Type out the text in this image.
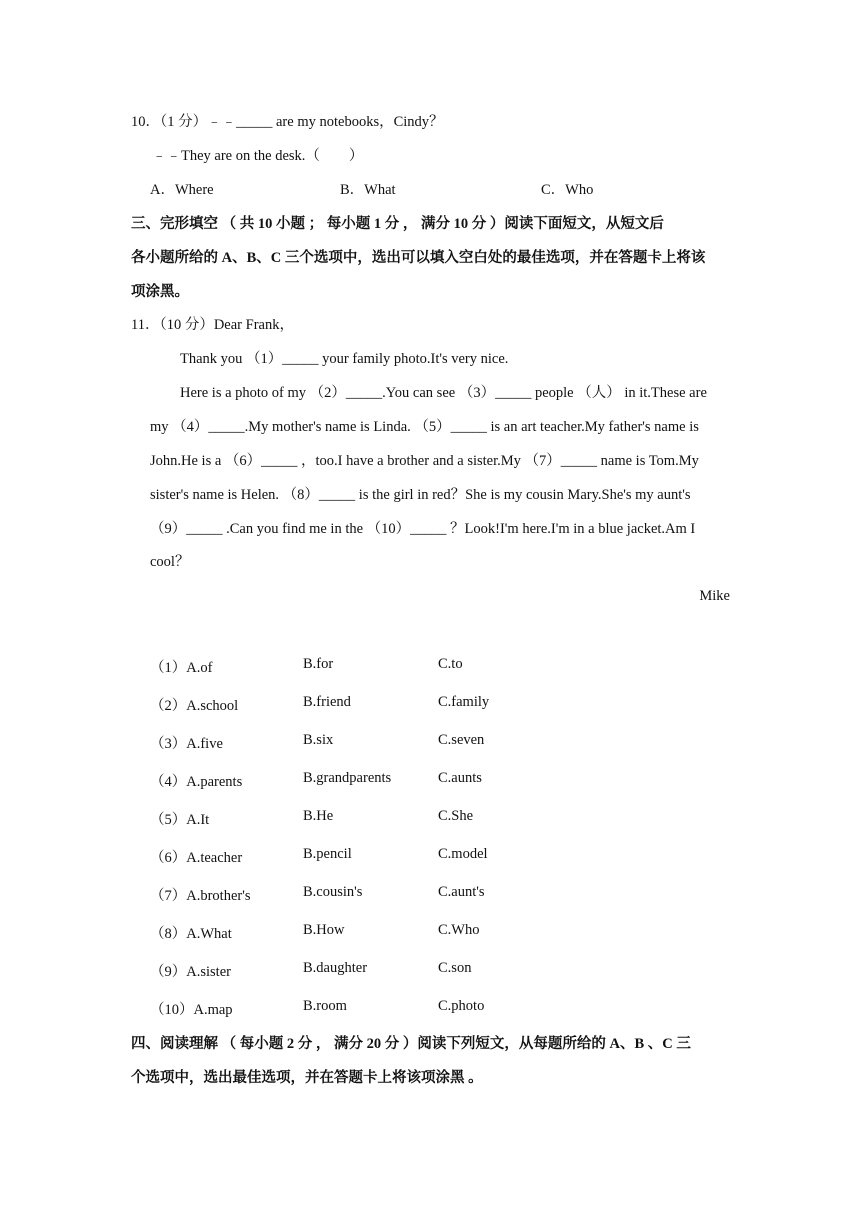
10．（1 分）﹣﹣_____ are my notebooks，Cindy？
﹣﹣They are on the desk.（　　）
A．Where	B．What	C．Who
三、完形填空 （ 共 10 小题 ； 每小题 1 分 ， 满分 10 分 ）阅读下面短文，从短文后
各小题所给的 A、B、C 三个选项中，选出可以填入空白处的最佳选项，并在答题卡上将该
项涂黑。
11．（10 分）Dear Frank，
Thank you （1）_____ your family photo.It's very nice.
Here is a photo of my （2）_____.You can see （3）_____ people （人） in it.These are
my （4）_____.My mother's name is Linda. （5）_____ is an art teacher.My father's name is
John.He is a （6）_____ ，too.I have a brother and a sister.My （7）_____ name is Tom.My
sister's name is Helen. （8）_____ is the girl in red？She is my cousin Mary.She's my aunt's
（9）_____ .Can you find me in the （10）_____ ？Look!I'm here.I'm in a blue jacket.Am I
cool？
Mike
（1）A.of	B.for	C.to
（2）A.school	B.friend	C.family
（3）A.five	B.six	C.seven
（4）A.parents	B.grandparents	C.aunts
（5）A.It	B.He	C.She
（6）A.teacher	B.pencil	C.model
（7）A.brother's	B.cousin's	C.aunt's
（8）A.What	B.How	C.Who
（9）A.sister	B.daughter	C.son
（10）A.map	B.room	C.photo
四、阅读理解 （ 每小题 2 分 ， 满分 20 分 ）阅读下列短文，从每题所给的 A、B 、C 三
个选项中，选出最佳选项，并在答题卡上将该项涂黑 。
